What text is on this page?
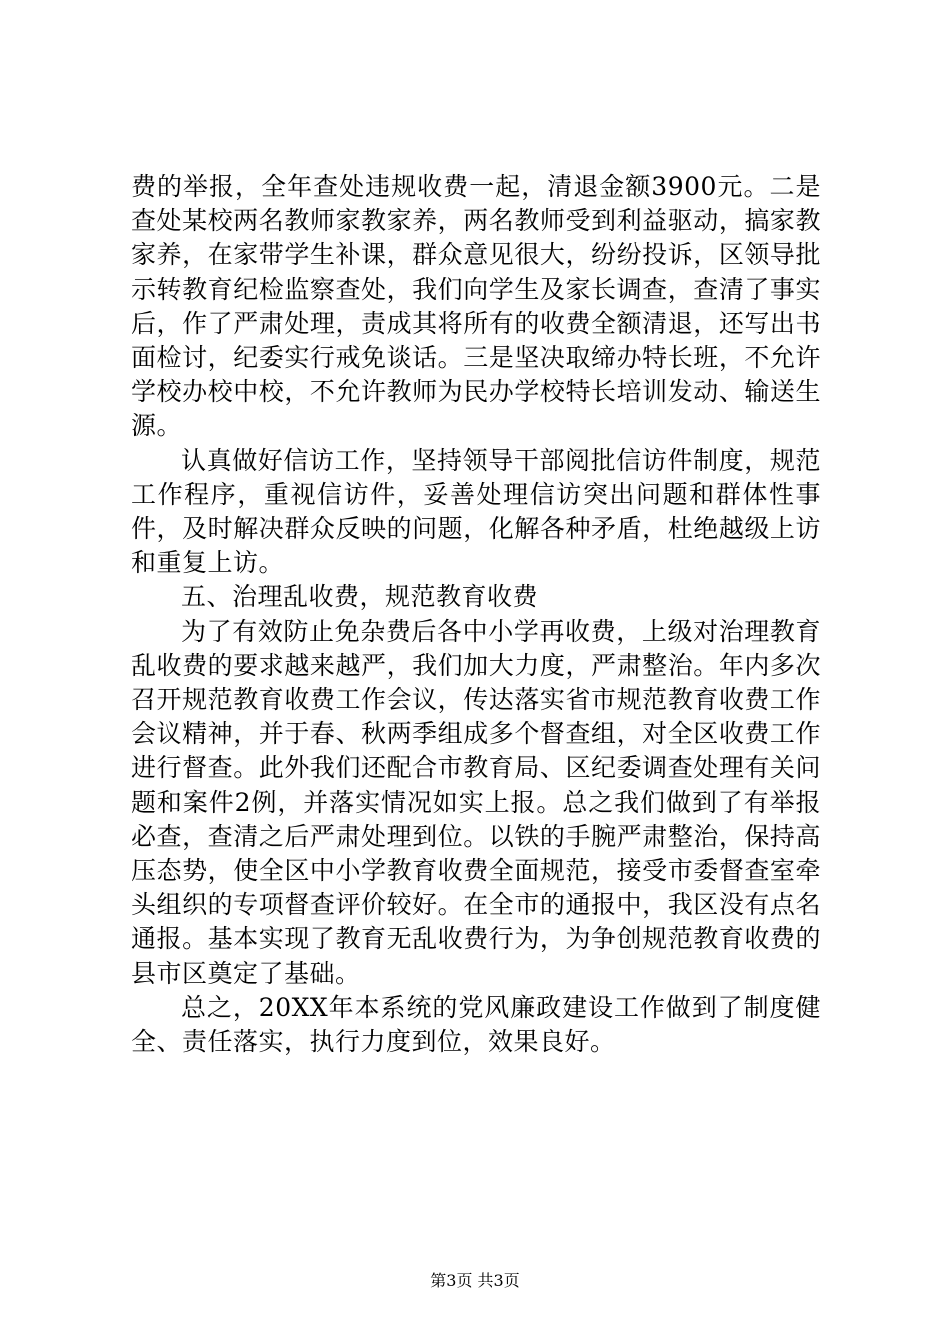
费的举报，全年查处违规收费一起，清退金额3900元。二是查处某校两名教师家教家养，两名教师受到利益驱动，搞家教家养，在家带学生补课，群众意见很大，纷纷投诉，区领导批示转教育纪检监察查处，我们向学生及家长调查，查清了事实后，作了严肃处理，责成其将所有的收费全额清退，还写出书面检讨，纪委实行戒免谈话。三是坚决取缔办特长班，不允许学校办校中校，不允许教师为民办学校特长培训发动、输送生源。

认真做好信访工作，坚持领导干部阅批信访件制度，规范工作程序，重视信访件，妥善处理信访突出问题和群体性事件，及时解决群众反映的问题，化解各种矛盾，杜绝越级上访和重复上访。

五、治理乱收费，规范教育收费

为了有效防止免杂费后各中小学再收费，上级对治理教育乱收费的要求越来越严，我们加大力度，严肃整治。年内多次召开规范教育收费工作会议，传达落实省市规范教育收费工作会议精神，并于春、秋两季组成多个督查组，对全区收费工作进行督查。此外我们还配合市教育局、区纪委调查处理有关问题和案件2例，并落实情况如实上报。总之我们做到了有举报必查，查清之后严肃处理到位。以铁的手腕严肃整治，保持高压态势，使全区中小学教育收费全面规范，接受市委督查室牵头组织的专项督查评价较好。在全市的通报中，我区没有点名通报。基本实现了教育无乱收费行为，为争创规范教育收费的县市区奠定了基础。

总之，20XX年本系统的党风廉政建设工作做到了制度健全、责任落实，执行力度到位，效果良好。

第3页 共3页
